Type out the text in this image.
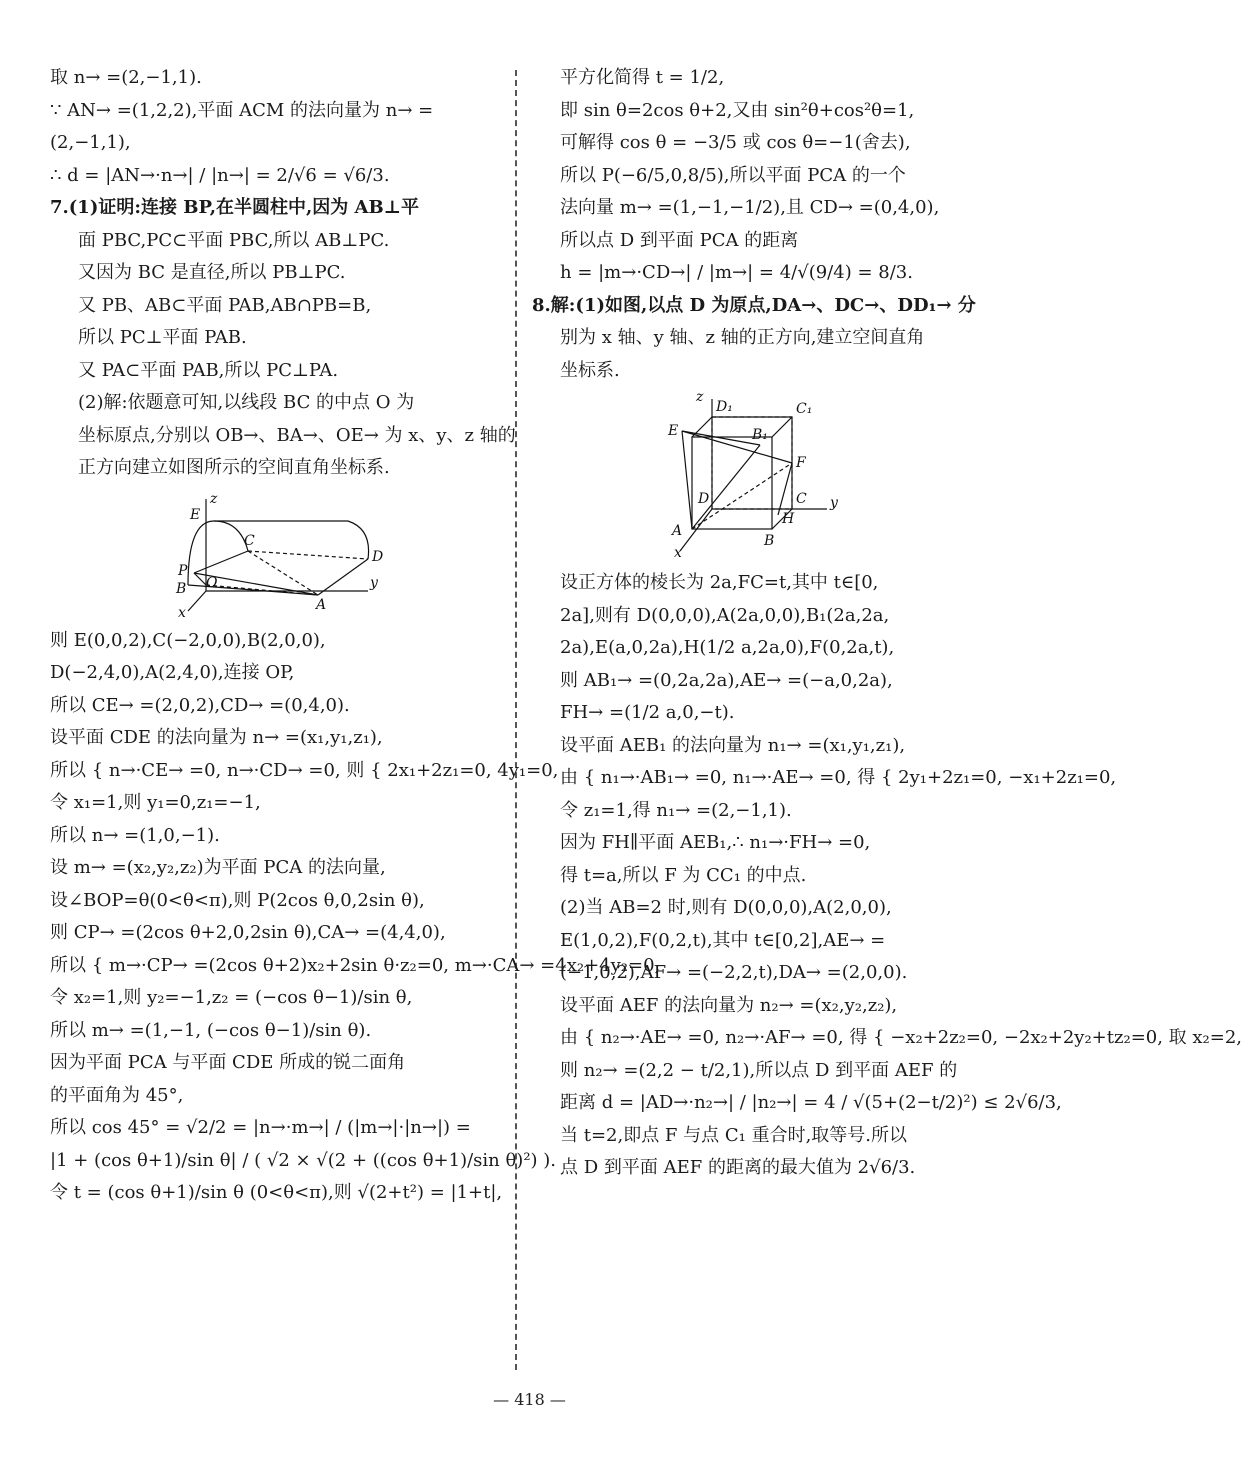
取 n→ =(2,−1,1).
∵ AN→ =(1,2,2),平面 ACM 的法向量为 n→ =
(2,−1,1),
∴ d = |AN→·n→| / |n→| = 2/√6 = √6/3.
7.(1)证明:连接 BP,在半圆柱中,因为 AB⊥平
面 PBC,PC⊂平面 PBC,所以 AB⊥PC.
又因为 BC 是直径,所以 PB⊥PC.
又 PB、AB⊂平面 PAB,AB∩PB=B,
所以 PC⊥平面 PAB.
又 PA⊂平面 PAB,所以 PC⊥PA.
(2)解:依题意可知,以线段 BC 的中点 O 为
坐标原点,分别以 OB→、BA→、OE→ 为 x、y、z 轴的
正方向建立如图所示的空间直角坐标系.
z
E
C
D
P
O
B
A
x
y
则 E(0,0,2),C(−2,0,0),B(2,0,0),
D(−2,4,0),A(2,4,0),连接 OP,
所以 CE→ =(2,0,2),CD→ =(0,4,0).
设平面 CDE 的法向量为 n→ =(x₁,y₁,z₁),
所以 { n→·CE→ =0, n→·CD→ =0, 则 { 2x₁+2z₁=0, 4y₁=0,
令 x₁=1,则 y₁=0,z₁=−1,
所以 n→ =(1,0,−1).
设 m→ =(x₂,y₂,z₂)为平面 PCA 的法向量,
设∠BOP=θ(0<θ<π),则 P(2cos θ,0,2sin θ),
则 CP→ =(2cos θ+2,0,2sin θ),CA→ =(4,4,0),
所以 { m→·CP→ =(2cos θ+2)x₂+2sin θ·z₂=0, m→·CA→ =4x₂+4y₂=0,
令 x₂=1,则 y₂=−1,z₂ = (−cos θ−1)/sin θ,
所以 m→ =(1,−1, (−cos θ−1)/sin θ).
因为平面 PCA 与平面 CDE 所成的锐二面角
的平面角为 45°,
所以 cos 45° = √2/2 = |n→·m→| / (|m→|·|n→|) =
|1 + (cos θ+1)/sin θ| / ( √2 × √(2 + ((cos θ+1)/sin θ)²) ).
令 t = (cos θ+1)/sin θ (0<θ<π),则 √(2+t²) = |1+t|,
平方化简得 t = 1/2,
即 sin θ=2cos θ+2,又由 sin²θ+cos²θ=1,
可解得 cos θ = −3/5 或 cos θ=−1(舍去),
所以 P(−6/5,0,8/5),所以平面 PCA 的一个
法向量 m→ =(1,−1,−1/2),且 CD→ =(0,4,0),
所以点 D 到平面 PCA 的距离
h = |m→·CD→| / |m→| = 4/√(9/4) = 8/3.
8.解:(1)如图,以点 D 为原点,DA→、DC→、DD₁→ 分
别为 x 轴、y 轴、z 轴的正方向,建立空间直角
坐标系.
z
D₁	C₁
E	B₁
F
D	C
A
H
B
x
y
设正方体的棱长为 2a,FC=t,其中 t∈[0,
2a],则有 D(0,0,0),A(2a,0,0),B₁(2a,2a,
2a),E(a,0,2a),H(1/2 a,2a,0),F(0,2a,t),
则 AB₁→ =(0,2a,2a),AE→ =(−a,0,2a),
FH→ =(1/2 a,0,−t).
设平面 AEB₁ 的法向量为 n₁→ =(x₁,y₁,z₁),
由 { n₁→·AB₁→ =0, n₁→·AE→ =0, 得 { 2y₁+2z₁=0, −x₁+2z₁=0,
令 z₁=1,得 n₁→ =(2,−1,1).
因为 FH∥平面 AEB₁,∴ n₁→·FH→ =0,
得 t=a,所以 F 为 CC₁ 的中点.
(2)当 AB=2 时,则有 D(0,0,0),A(2,0,0),
E(1,0,2),F(0,2,t),其中 t∈[0,2],AE→ =
(−1,0,2),AF→ =(−2,2,t),DA→ =(2,0,0).
设平面 AEF 的法向量为 n₂→ =(x₂,y₂,z₂),
由 { n₂→·AE→ =0, n₂→·AF→ =0, 得 { −x₂+2z₂=0, −2x₂+2y₂+tz₂=0, 取 x₂=2,
则 n₂→ =(2,2 − t/2,1),所以点 D 到平面 AEF 的
距离 d = |AD→·n₂→| / |n₂→| = 4 / √(5+(2−t/2)²) ≤ 2√6/3,
当 t=2,即点 F 与点 C₁ 重合时,取等号.所以
点 D 到平面 AEF 的距离的最大值为 2√6/3.
— 418 —
